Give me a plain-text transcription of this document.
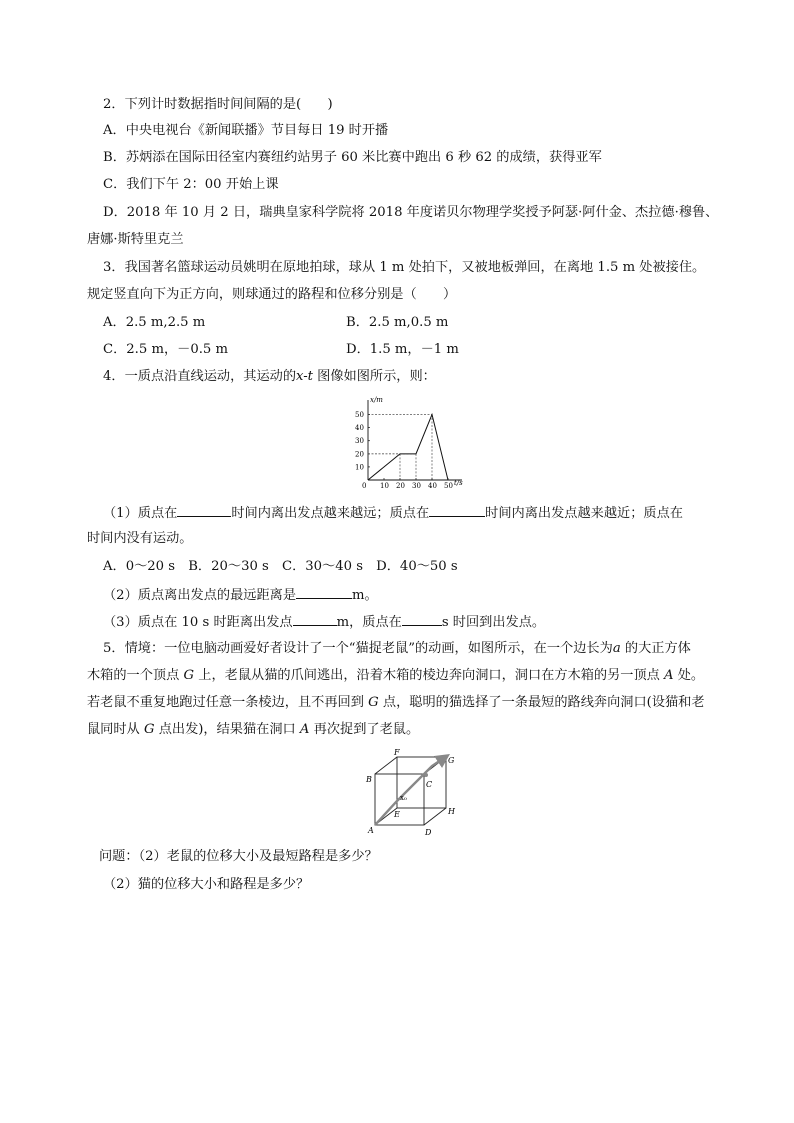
2．下列计时数据指时间间隔的是(　　)
A．中央电视台《新闻联播》节目每日 19 时开播
B．苏炳添在国际田径室内赛纽约站男子 60 米比赛中跑出 6 秒 62 的成绩，获得亚军
C．我们下午 2：00 开始上课
D．2018 年 10 月 2 日，瑞典皇家科学院将 2018 年度诺贝尔物理学奖授予阿瑟·阿什金、杰拉德·穆鲁、
唐娜·斯特里克兰
3．我国著名篮球运动员姚明在原地拍球，球从 1 m 处拍下，又被地板弹回，在离地 1.5 m 处被接住。
规定竖直向下为正方向，则球通过的路程和位移分别是（　　）
A．2.5 m,2.5 m	B．2.5 m,0.5 m
C．2.5 m，－0.5 m	D．1.5 m，－1 m
4．一质点沿直线运动，其运动的x-t 图像如图所示，则：
x/m
t/s
0 10 20 30 40 50
10
20
30
40
50
（1）质点在	时间内离出发点越来越远；质点在	时间内离出发点越来越近；质点在
时间内没有运动。
A．0～20 s　B．20～30 s　C．30～40 s　D．40～50 s
（2）质点离出发点的最远距离是	m。
（3）质点在 10 s 时距离出发点	m，质点在	s 时回到出发点。
5．情境：一位电脑动画爱好者设计了一个“猫捉老鼠”的动画，如图所示，在一个边长为a 的大正方体
木箱的一个顶点 G 上，老鼠从猫的爪间逃出，沿着木箱的棱边奔向洞口，洞口在方木箱的另一顶点 A 处。
若老鼠不重复地跑过任意一条棱边，且不再回到 G 点，聪明的猫选择了一条最短的路线奔向洞口(设猫和老
鼠同时从 G 点出发)，结果猫在洞口 A 再次捉到了老鼠。
F
G
B
C
x₀
H
E
A	D
问题：（2）老鼠的位移大小及最短路程是多少？
（2）猫的位移大小和路程是多少？
